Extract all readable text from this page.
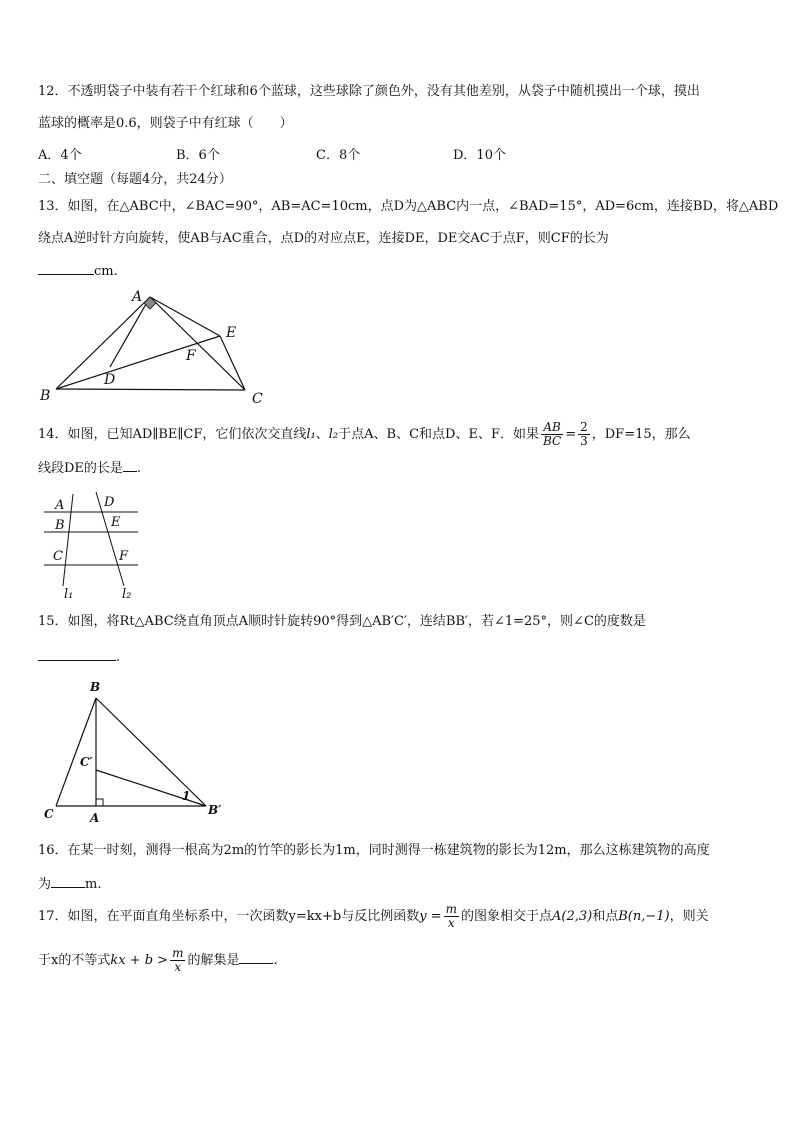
12．不透明袋子中装有若干个红球和6个蓝球，这些球除了颜色外，没有其他差别，从袋子中随机摸出一个球，摸出
蓝球的概率是0.6，则袋子中有红球（　　）
A．4个	B．6个	C．8个	D．10个
二、填空题（每题4分，共24分）
13．如图，在△ABC中，∠BAC=90°，AB=AC=10cm，点D为△ABC内一点，∠BAD=15°，AD=6cm，连接BD，将△ABD
绕点A逆时针方向旋转，使AB与AC重合，点D的对应点E，连接DE，DE交AC于点F，则CF的长为
cm.
A
B	C
D
E
F
14．如图，已知AD∥BE∥CF，它们依次交直线l₁、l₂于点A、B、C和点D、E、F．如果 $\frac{AB}{BC} = \frac{2}{3}$ ，DF=15，那么
线段DE的长是 .
A	D
B	E
C	F
l₁	l₂
15．如图，将Rt△ABC绕直角顶点A顺时针旋转90°得到△AB′C′，连结BB′，若∠1=25°，则∠C的度数是
.
B
C′
1
C	A
B′
16．在某一时刻，测得一根高为2m的竹竿的影长为1m，同时测得一栋建筑物的影长为12m，那么这栋建筑物的高度
为	m.
17．如图，在平面直角坐标系中，一次函数y=kx+b与反比例函数$y = \frac{m}{x}$ 的图象相交于点A(2,3)和点B(n,−1)，则关
于x的不等式kx + $b > \frac{m}{x}$ 的解集是	.
